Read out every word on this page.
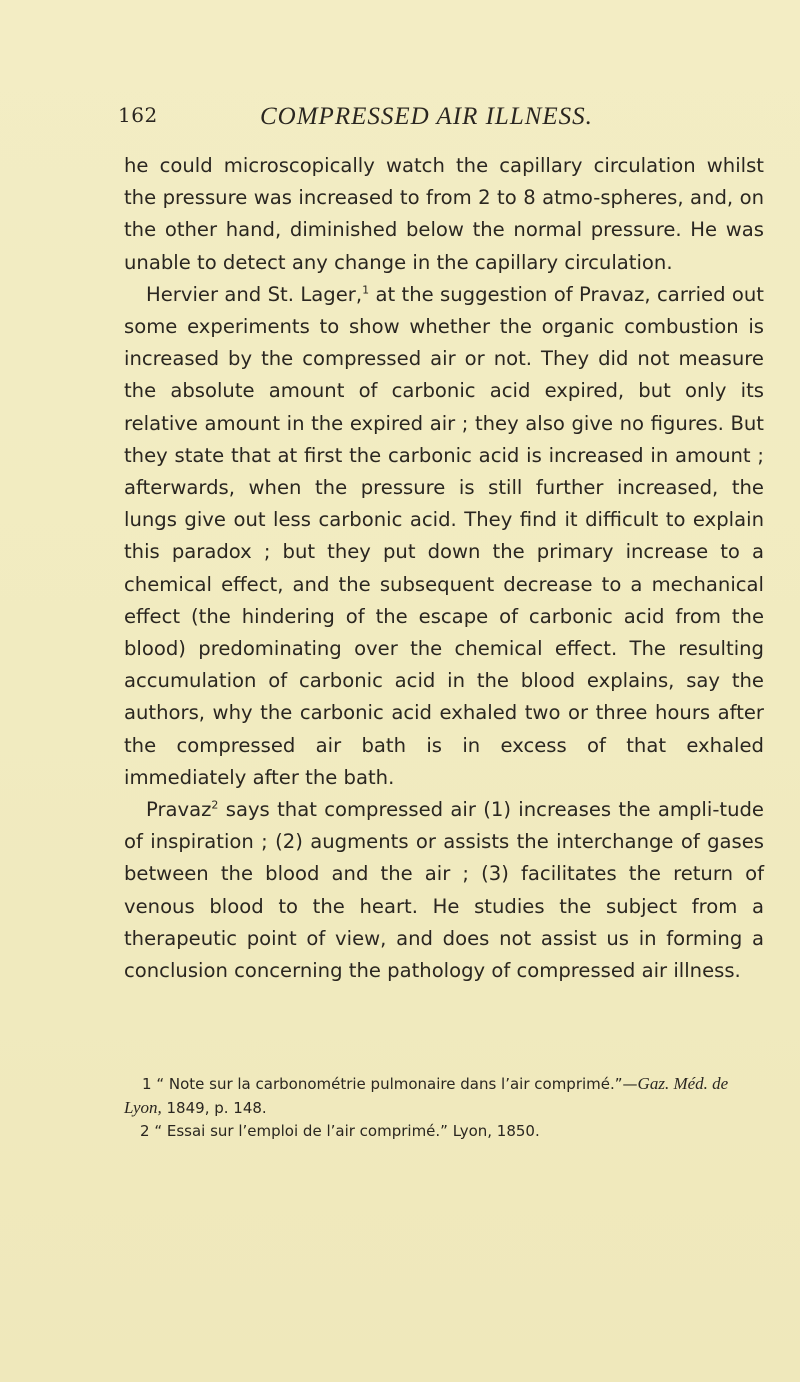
162	COMPRESSED AIR ILLNESS.

he could microscopically watch the capillary circulation whilst the pressure was increased to from 2 to 8 atmo-spheres, and, on the other hand, diminished below the normal pressure. He was unable to detect any change in the capillary circulation.

Hervier and St. Lager,$^1$ at the suggestion of Pravaz, carried out some experiments to show whether the organic combustion is increased by the compressed air or not. They did not measure the absolute amount of carbonic acid expired, but only its relative amount in the expired air ; they also give no figures. But they state that at first the carbonic acid is increased in amount ; afterwards, when the pressure is still further increased, the lungs give out less carbonic acid. They find it difficult to explain this paradox ; but they put down the primary increase to a chemical effect, and the subsequent decrease to a mechanical effect (the hindering of the escape of carbonic acid from the blood) predominating over the chemical effect. The resulting accumulation of carbonic acid in the blood explains, say the authors, why the carbonic acid exhaled two or three hours after the compressed air bath is in excess of that exhaled immediately after the bath.

Pravaz$^2$ says that compressed air (1) increases the ampli-tude of inspiration ; (2) augments or assists the interchange of gases between the blood and the air ; (3) facilitates the return of venous blood to the heart. He studies the subject from a therapeutic point of view, and does not assist us in forming a conclusion concerning the pathology of compressed air illness.

1 “ Note sur la carbonométrie pulmonaire dans l’air comprimé.”—Gaz. Méd. de Lyon, 1849, p. 148.

2 “ Essai sur l’emploi de l’air comprimé.” Lyon, 1850.
